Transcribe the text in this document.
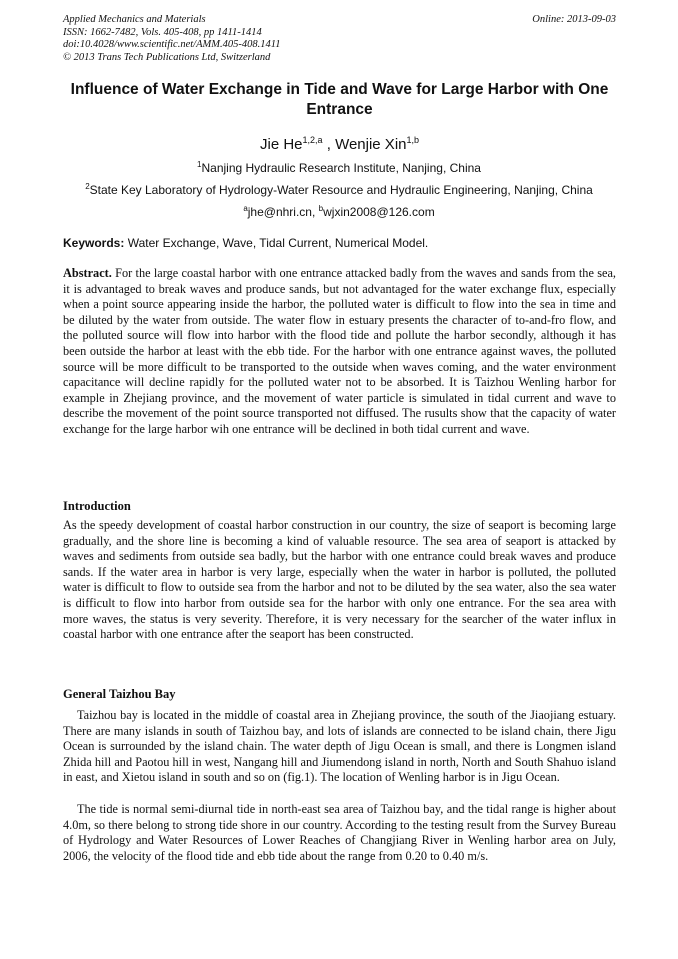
Applied Mechanics and Materials
ISSN: 1662-7482, Vols. 405-408, pp 1411-1414
doi:10.4028/www.scientific.net/AMM.405-408.1411
© 2013 Trans Tech Publications Ltd, Switzerland
Online: 2013-09-03
Influence of Water Exchange in Tide and Wave for Large Harbor with One Entrance
Jie He$^{1,2,a}$ , Wenjie Xin$^{1,b}$
$^1$Nanjing Hydraulic Research Institute, Nanjing, China
$^2$State Key Laboratory of Hydrology-Water Resource and Hydraulic Engineering, Nanjing, China
$^a$jhe@nhri.cn, $^b$wjxin2008@126.com
Keywords: Water Exchange, Wave, Tidal Current, Numerical Model.

Abstract. For the large coastal harbor with one entrance attacked badly from the waves and sands from the sea, it is advantaged to break waves and produce sands, but not advantaged for the water exchange flux, especially when a point source appearing inside the harbor, the polluted water is difficult to flow into the sea in time and be diluted by the water from outside. The water flow in estuary presents the character of to-and-fro flow, and the polluted source will flow into harbor with the flood tide and pollute the harbor secondly, although it has been outside the harbor at least with the ebb tide. For the harbor with one entrance against waves, the polluted source will be more difficult to be transported to the outside when waves coming, and the water environment capacitance will decline rapidly for the polluted water not to be absorbed. It is Taizhou Wenling harbor for example in Zhejiang province, and the movement of water particle is simulated in tidal current and wave to describe the movement of the point source transported not diffused. The rusults show that the capacity of water exchange for the large harbor wih one entrance will be declined in both tidal current and wave.

Introduction

As the speedy development of coastal harbor construction in our country, the size of seaport is becoming large gradually, and the shore line is becoming a kind of valuable resource. The sea area of seaport is attacked by waves and sediments from outside sea badly, but the harbor with one entrance could break waves and produce sands. If the water area in harbor is very large, especially when the water in harbor is polluted, the polluted water is difficult to flow to outside sea from the harbor and not to be diluted by the sea water, also the sea water is difficult to flow into harbor from outside sea for the harbor with only one entrance. For the sea area with more waves, the status is very severity. Therefore, it is very necessary for the searcher of the water influx in coastal harbor with one entrance after the seaport has been constructed.

General Taizhou Bay

Taizhou bay is located in the middle of coastal area in Zhejiang province, the south of the Jiaojiang estuary. There are many islands in south of Taizhou bay, and lots of islands are connected to be island chain, there Jigu Ocean is surrounded by the island chain. The water depth of Jigu Ocean is small, and there is Longmen island Zhida hill and Paotou hill in west, Nangang hill and Jiumendong island in north, North and South Shahuo island in east, and Xietou island in south and so on (fig.1). The location of Wenling harbor is in Jigu Ocean.

The tide is normal semi-diurnal tide in north-east sea area of Taizhou bay, and the tidal range is higher about 4.0m, so there belong to strong tide shore in our country. According to the testing result from the Survey Bureau of Hydrology and Water Resources of Lower Reaches of Changjiang River in Wenling harbor area on July, 2006, the velocity of the flood tide and ebb tide about the range from 0.20 to 0.40 m/s.
